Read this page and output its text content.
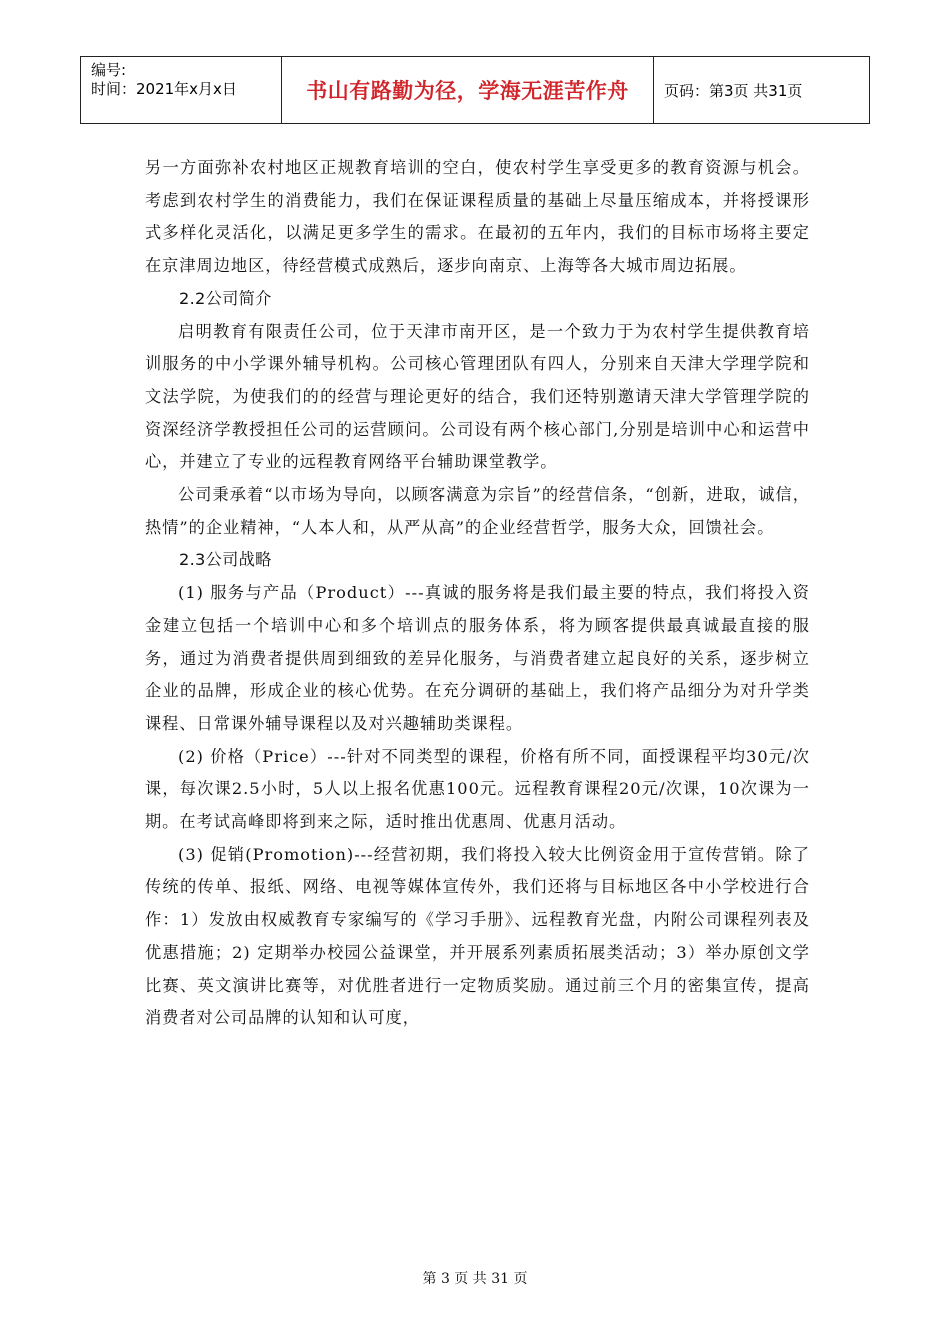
编号:
时间：2021年x月x日	书山有路勤为径，学海无涯苦作舟 页码：第3页 共31页

另一方面弥补农村地区正规教育培训的空白，使农村学生享受更多的教育资源与机会。考虑到农村学生的消费能力，我们在保证课程质量的基础上尽量压缩成本，并将授课形式多样化灵活化，以满足更多学生的需求。在最初的五年内，我们的目标市场将主要定在京津周边地区，待经营模式成熟后，逐步向南京、上海等各大城市周边拓展。

2.2公司简介

启明教育有限责任公司，位于天津市南开区，是一个致力于为农村学生提供教育培训服务的中小学课外辅导机构。公司核心管理团队有四人，分别来自天津大学理学院和文法学院，为使我们的的经营与理论更好的结合，我们还特别邀请天津大学管理学院的资深经济学教授担任公司的运营顾问。公司设有两个核心部门,分别是培训中心和运营中心，并建立了专业的远程教育网络平台辅助课堂教学。

公司秉承着“以市场为导向，以顾客满意为宗旨”的经营信条，“创新，进取，诚信，热情”的企业精神，“人本人和，从严从高”的企业经营哲学，服务大众，回馈社会。

2.3公司战略

(1) 服务与产品（Product）---真诚的服务将是我们最主要的特点，我们将投入资金建立包括一个培训中心和多个培训点的服务体系，将为顾客提供最真诚最直接的服务，通过为消费者提供周到细致的差异化服务，与消费者建立起良好的关系，逐步树立企业的品牌，形成企业的核心优势。在充分调研的基础上，我们将产品细分为对升学类课程、日常课外辅导课程以及对兴趣辅助类课程。

(2) 价格（Price）---针对不同类型的课程，价格有所不同，面授课程平均30元/次课，每次课2.5小时，5人以上报名优惠100元。远程教育课程20元/次课，10次课为一期。在考试高峰即将到来之际，适时推出优惠周、优惠月活动。

(3) 促销(Promotion)---经营初期，我们将投入较大比例资金用于宣传营销。除了传统的传单、报纸、网络、电视等媒体宣传外，我们还将与目标地区各中小学校进行合作：1）发放由权威教育专家编写的《学习手册》、远程教育光盘，内附公司课程列表及优惠措施；2) 定期举办校园公益课堂，并开展系列素质拓展类活动；3）举办原创文学比赛、英文演讲比赛等，对优胜者进行一定物质奖励。通过前三个月的密集宣传，提高消费者对公司品牌的认知和认可度，

第 3 页 共 31 页
